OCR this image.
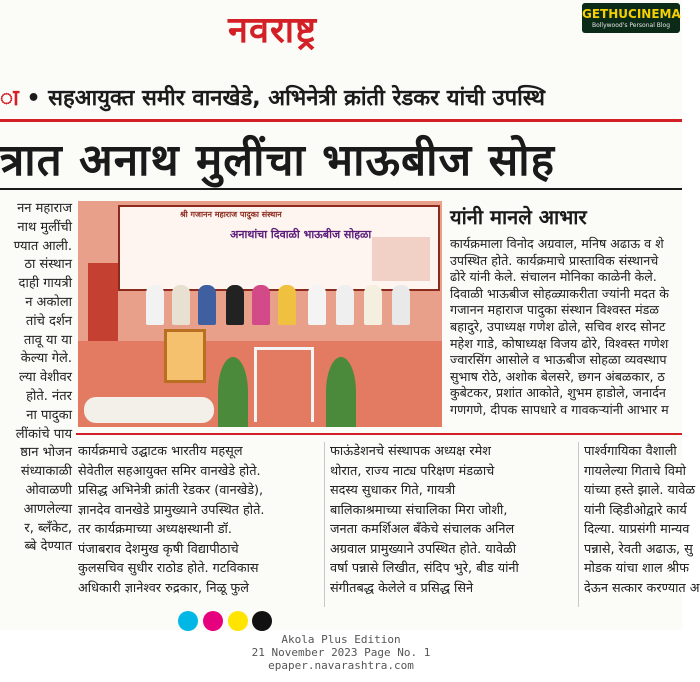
नवराष्ट्र	GETHUCINEMA
Bollywood's Personal Blog
ा • सहआयुक्त समीर वानखेडे, अभिनेत्री क्रांती रेडकर यांची उपस्थि
त्रात अनाथ मुलींचा भाऊबीज सोह
नन महाराज
नाथ मुलींची
ण्यात आली.
ठा संस्थान
दाही गायत्री
न अकोला
तांचे दर्शन
तावू या या
केल्या गेले.
ल्या वेशीवर
होते. नंतर
ना पादुका
लींकांचे पाय
ष्ठान भोजन
संध्याकाळी
ओवाळणी
आणलेल्या
र, ब्लँकेट,
ब्बे देण्यात
श्री गजानन महाराज पादुका संस्थान
अनाथांचा दिवाळी भाऊबीज सोहळा
यांनी मानले आभार
कार्यक्रमाला विनोद अग्रवाल, मनिष अढाऊ व शे
उपस्थित होते. कार्यक्रमाचे प्रास्ताविक संस्थानचे
ढोरे यांनी केले. संचालन मोनिका काळेनी केले.
दिवाळी भाऊबीज सोहळ्याकरीता ज्यांनी मदत के
गजानन महाराज पादुका संस्थान विश्वस्त मंडळ
बहादुरे, उपाध्यक्ष गणेश ढोले, सचिव शरद सोनट
महेश गाडे, कोषाध्यक्ष विजय ढोरे, विश्वस्त गणेश
ज्वारसिंग आसोले व भाऊबीज सोहळा व्यवस्थाप
सुभाष रोठे, अशोक बेलसरे, छगन अंबळकार, ठ
कुबेटकर, प्रशांत आकोते, शुभम हाडोले, जनार्दन
गणगणे, दीपक सापधारे व गावकऱ्यांनी आभार म
कार्यक्रमाचे उद्घाटक भारतीय महसूल
सेवेतील सहआयुक्त समिर वानखेडे होते.
प्रसिद्ध अभिनेत्री क्रांती रेडकर (वानखेडे),
ज्ञानदेव वानखेडे प्रामुख्याने उपस्थित होते.
तर कार्यक्रमाच्या अध्यक्षस्थानी डॉ.
पंजाबराव देशमुख कृषी विद्यापीठाचे
कुलसचिव सुधीर राठोड होते. गटविकास
अधिकारी ज्ञानेश्वर रुद्रकार, निळू फुले
फाऊंडेशनचे संस्थापक अध्यक्ष रमेश
थोरात, राज्य नाट्य परिक्षण मंडळाचे
सदस्य सुधाकर गिते, गायत्री
बालिकाश्रमाच्या संचालिका मिरा जोशी,
जनता कमर्शिअल बँकेचे संचालक अनिल
अग्रवाल प्रामुख्याने उपस्थित होते. यावेळी
वर्षा पन्नासे लिखीत, संदिप भुरे, बीड यांनी
संगीतबद्ध केलेले व प्रसिद्ध सिने
पार्श्वगायिका वैशाली
गायलेल्या गिताचे विमो
यांच्या हस्ते झाले. यावेळ
यांनी व्हिडीओद्वारे कार्य
दिल्या. याप्रसंगी मान्यव
पन्नासे, रेवती अढाऊ, सु
मोडक यांचा शाल श्रीफ
देऊन सत्कार करण्यात अ
Akola Plus Edition
21 November 2023 Page No. 1
epaper.navarashtra.com
